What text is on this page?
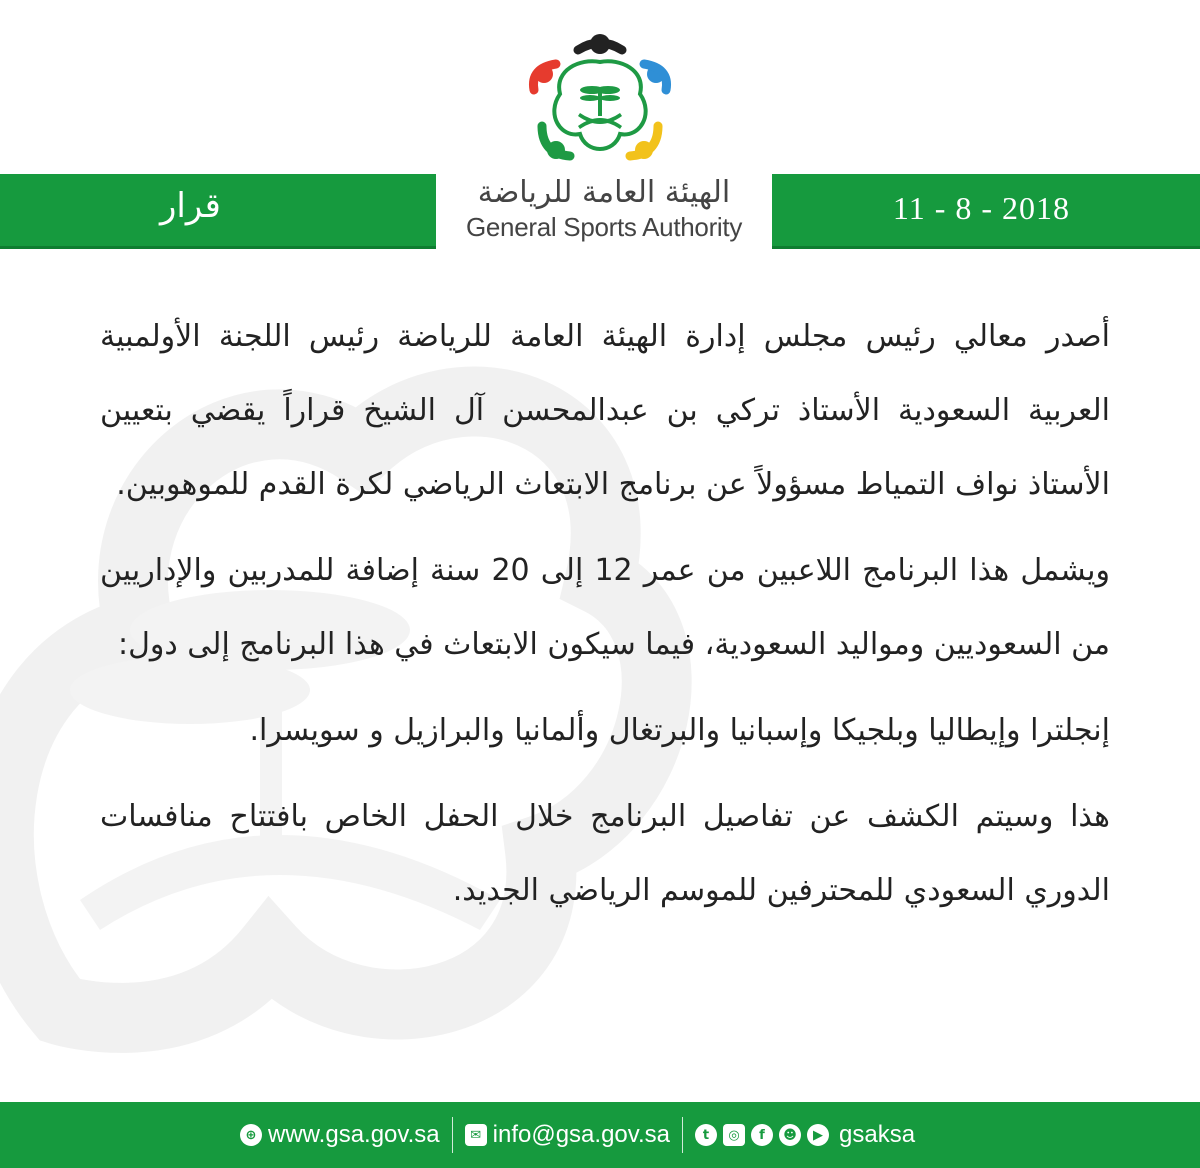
الهيئة العامة للرياضة
General Sports Authority
11 - 8 - 2018
قرار

أصدر معالي رئيس مجلس إدارة الهيئة العامة للرياضة رئيس اللجنة الأولمبية العربية السعودية الأستاذ تركي بن عبدالمحسن آل الشيخ قراراً يقضي بتعيين الأستاذ نواف التمياط مسؤولاً عن برنامج الابتعاث الرياضي لكرة القدم للموهوبين.

ويشمل هذا البرنامج اللاعبين من عمر 12 إلى 20 سنة إضافة للمدربين والإداريين من السعوديين ومواليد السعودية، فيما سيكون الابتعاث في هذا البرنامج إلى دول:

إنجلترا وإيطاليا وبلجيكا وإسبانيا والبرتغال وألمانيا والبرازيل و سويسرا.

هذا وسيتم الكشف عن تفاصيل البرنامج خلال الحفل الخاص بافتتاح منافسات الدوري السعودي للمحترفين للموسم الرياضي الجديد.

⊕ www.gsa.gov.sa	✉ info@gsa.gov.sa	t	◎	f	☻	▶ gsaksa
